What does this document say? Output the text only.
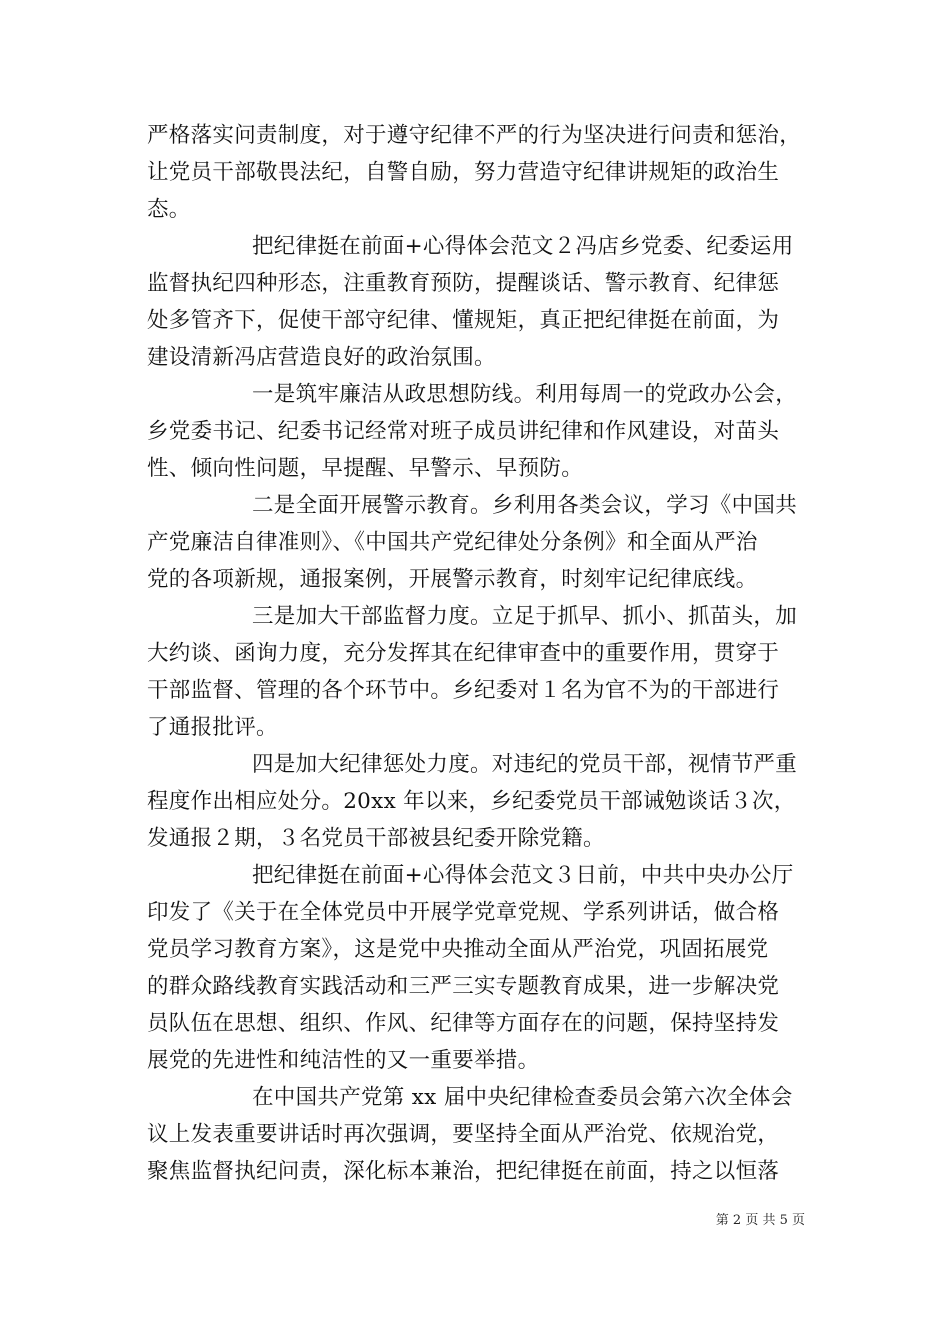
严格落实问责制度，对于遵守纪律不严的行为坚决进行问责和惩治，
让党员干部敬畏法纪，自警自励，努力营造守纪律讲规矩的政治生
态。
把纪律挺在前面+心得体会范文２冯店乡党委、纪委运用
监督执纪四种形态，注重教育预防，提醒谈话、警示教育、纪律惩
处多管齐下，促使干部守纪律、懂规矩，真正把纪律挺在前面，为
建设清新冯店营造良好的政治氛围。
一是筑牢廉洁从政思想防线。利用每周一的党政办公会，
乡党委书记、纪委书记经常对班子成员讲纪律和作风建设，对苗头
性、倾向性问题，早提醒、早警示、早预防。
二是全面开展警示教育。乡利用各类会议，学习《中国共
产党廉洁自律准则》、《中国共产党纪律处分条例》和全面从严治
党的各项新规，通报案例，开展警示教育，时刻牢记纪律底线。
三是加大干部监督力度。立足于抓早、抓小、抓苗头，加
大约谈、函询力度，充分发挥其在纪律审查中的重要作用，贯穿于
干部监督、管理的各个环节中。乡纪委对１名为官不为的干部进行
了通报批评。
四是加大纪律惩处力度。对违纪的党员干部，视情节严重
程度作出相应处分。20xx 年以来，乡纪委党员干部诫勉谈话３次，
发通报２期，３名党员干部被县纪委开除党籍。
把纪律挺在前面+心得体会范文３日前，中共中央办公厅
印发了《关于在全体党员中开展学党章党规、学系列讲话，做合格
党员学习教育方案》，这是党中央推动全面从严治党，巩固拓展党
的群众路线教育实践活动和三严三实专题教育成果，进一步解决党
员队伍在思想、组织、作风、纪律等方面存在的问题，保持坚持发
展党的先进性和纯洁性的又一重要举措。
在中国共产党第 xx 届中央纪律检查委员会第六次全体会
议上发表重要讲话时再次强调，要坚持全面从严治党、依规治党，
聚焦监督执纪问责，深化标本兼治，把纪律挺在前面，持之以恒落
第 2 页 共 5 页
